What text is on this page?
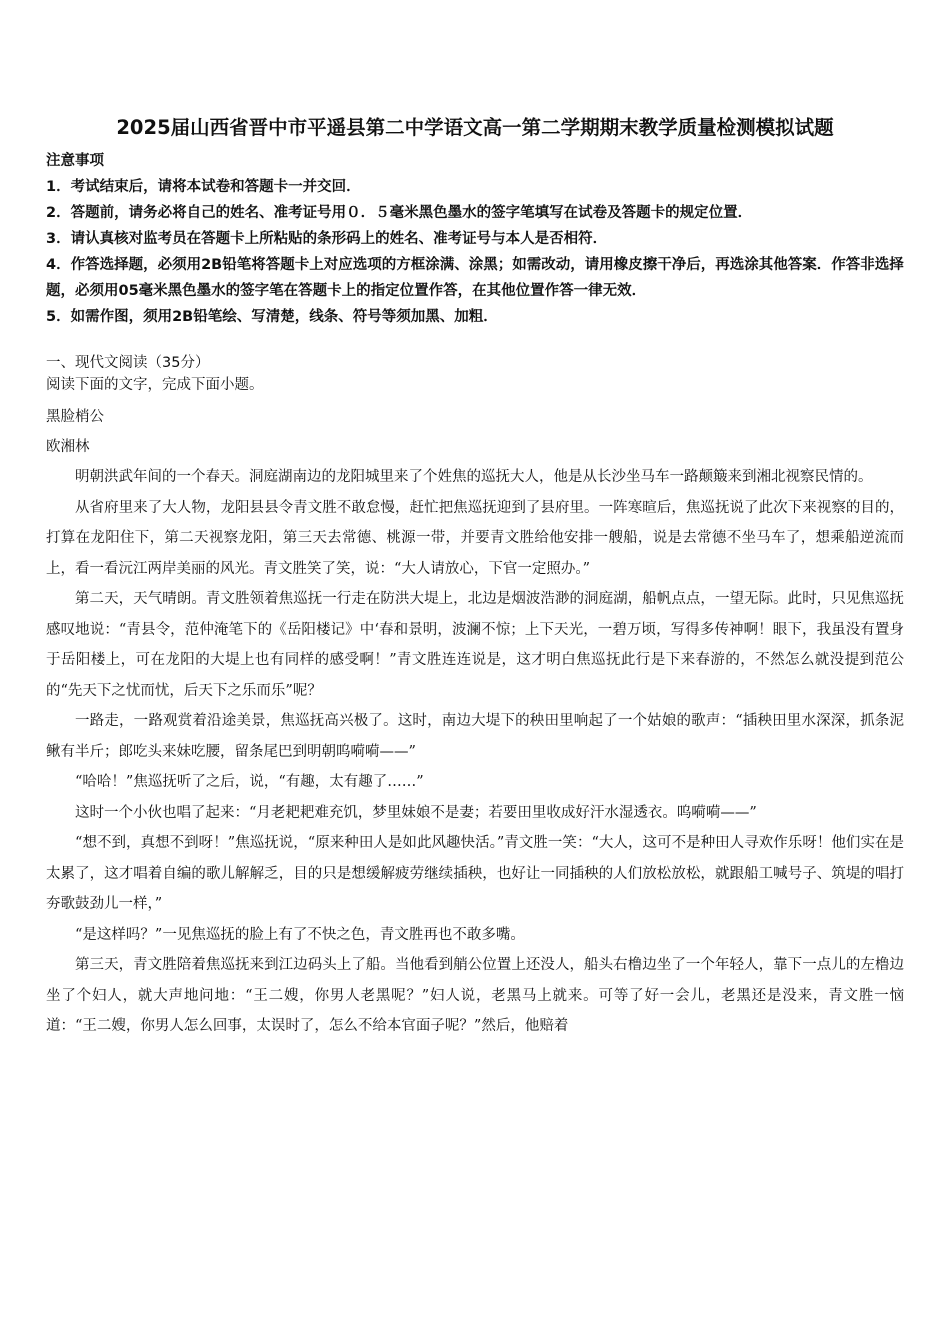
2025届山西省晋中市平遥县第二中学语文高一第二学期期末教学质量检测模拟试题
注意事项
1．考试结束后，请将本试卷和答题卡一并交回．
2．答题前，请务必将自己的姓名、准考证号用０．５毫米黑色墨水的签字笔填写在试卷及答题卡的规定位置．
3．请认真核对监考员在答题卡上所粘贴的条形码上的姓名、准考证号与本人是否相符．
4．作答选择题，必须用2B铅笔将答题卡上对应选项的方框涂满、涂黑；如需改动，请用橡皮擦干净后，再选涂其他答案．作答非选择题，必须用05毫米黑色墨水的签字笔在答题卡上的指定位置作答，在其他位置作答一律无效．
5．如需作图，须用2B铅笔绘、写清楚，线条、符号等须加黑、加粗．
一、现代文阅读（35分）
阅读下面的文字，完成下面小题。
黑脸梢公
欧湘林

明朝洪武年间的一个春天。洞庭湖南边的龙阳城里来了个姓焦的巡抚大人，他是从长沙坐马车一路颠簸来到湘北视察民情的。

从省府里来了大人物，龙阳县县令青文胜不敢怠慢，赶忙把焦巡抚迎到了县府里。一阵寒暄后，焦巡抚说了此次下来视察的目的，打算在龙阳住下，第二天视察龙阳，第三天去常德、桃源一带，并要青文胜给他安排一艘船，说是去常德不坐马车了，想乘船逆流而上，看一看沅江两岸美丽的风光。青文胜笑了笑，说：“大人请放心，下官一定照办。”

第二天，天气晴朗。青文胜领着焦巡抚一行走在防洪大堤上，北边是烟波浩渺的洞庭湖，船帆点点，一望无际。此时，只见焦巡抚感叹地说：“青县令，范仲淹笔下的《岳阳楼记》中‘春和景明，波澜不惊；上下天光，一碧万顷，写得多传神啊！眼下，我虽没有置身于岳阳楼上，可在龙阳的大堤上也有同样的感受啊！”青文胜连连说是，这才明白焦巡抚此行是下来春游的，不然怎么就没提到范公的“先天下之忧而忧，后天下之乐而乐”呢？

一路走，一路观赏着沿途美景，焦巡抚高兴极了。这时，南边大堤下的秧田里响起了一个姑娘的歌声：“插秧田里水深深，抓条泥鳅有半斤；郎吃头来妹吃腰，留条尾巴到明朝呜嗬嗬——”

“哈哈！”焦巡抚听了之后，说，“有趣，太有趣了……”

这时一个小伙也唱了起来：“月老耙耙难充饥，梦里妹娘不是妻；若要田里收成好汗水湿透衣。呜嗬嗬——”

“想不到，真想不到呀！”焦巡抚说，“原来种田人是如此风趣快活。”青文胜一笑：“大人，这可不是种田人寻欢作乐呀！他们实在是太累了，这才唱着自编的歌儿解解乏，目的只是想缓解疲劳继续插秧，也好让一同插秧的人们放松放松，就跟船工喊号子、筑堤的唱打夯歌鼓劲儿一样，”

“是这样吗？”一见焦巡抚的脸上有了不快之色，青文胜再也不敢多嘴。

第三天，青文胜陪着焦巡抚来到江边码头上了船。当他看到艄公位置上还没人，船头右橹边坐了一个年轻人，靠下一点儿的左橹边坐了个妇人，就大声地问地：“王二嫂，你男人老黑呢？”妇人说，老黑马上就来。可等了好一会儿，老黑还是没来，青文胜一恼道：“王二嫂，你男人怎么回事，太误时了，怎么不给本官面子呢？”然后，他赔着
